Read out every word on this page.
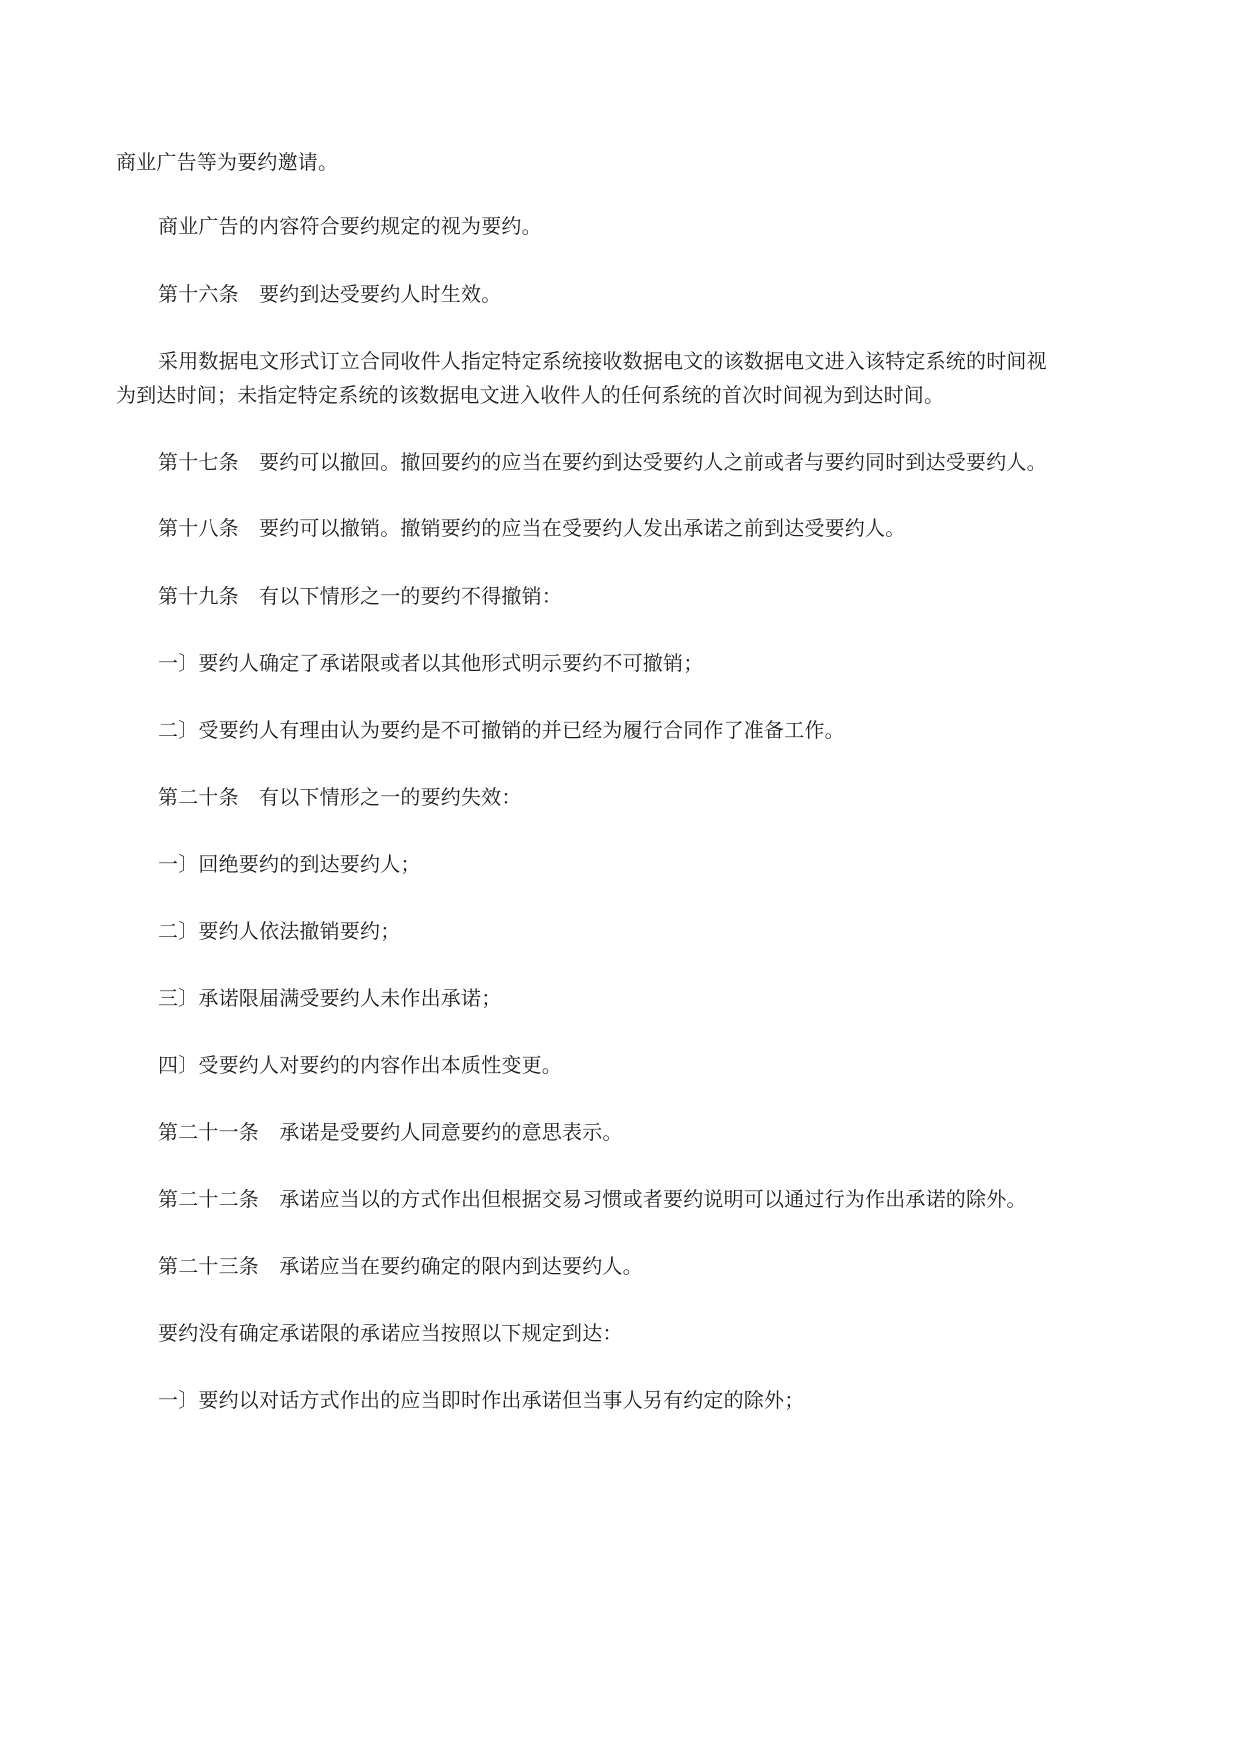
商业广告等为要约邀请。

商业广告的内容符合要约规定的视为要约。

第十六条　要约到达受要约人时生效。

采用数据电文形式订立合同收件人指定特定系统接收数据电文的该数据电文进入该特定系统的时间视

为到达时间；未指定特定系统的该数据电文进入收件人的任何系统的首次时间视为到达时间。

第十七条　要约可以撤回。撤回要约的应当在要约到达受要约人之前或者与要约同时到达受要约人。

第十八条　要约可以撤销。撤销要约的应当在受要约人发出承诺之前到达受要约人。

第十九条　有以下情形之一的要约不得撤销：

一〕要约人确定了承诺限或者以其他形式明示要约不可撤销；

二〕受要约人有理由认为要约是不可撤销的并已经为履行合同作了准备工作。

第二十条　有以下情形之一的要约失效：

一〕回绝要约的到达要约人；

二〕要约人依法撤销要约；

三〕承诺限届满受要约人未作出承诺；

四〕受要约人对要约的内容作出本质性变更。

第二十一条　承诺是受要约人同意要约的意思表示。

第二十二条　承诺应当以的方式作出但根据交易习惯或者要约说明可以通过行为作出承诺的除外。

第二十三条　承诺应当在要约确定的限内到达要约人。

要约没有确定承诺限的承诺应当按照以下规定到达：

一〕要约以对话方式作出的应当即时作出承诺但当事人另有约定的除外；
